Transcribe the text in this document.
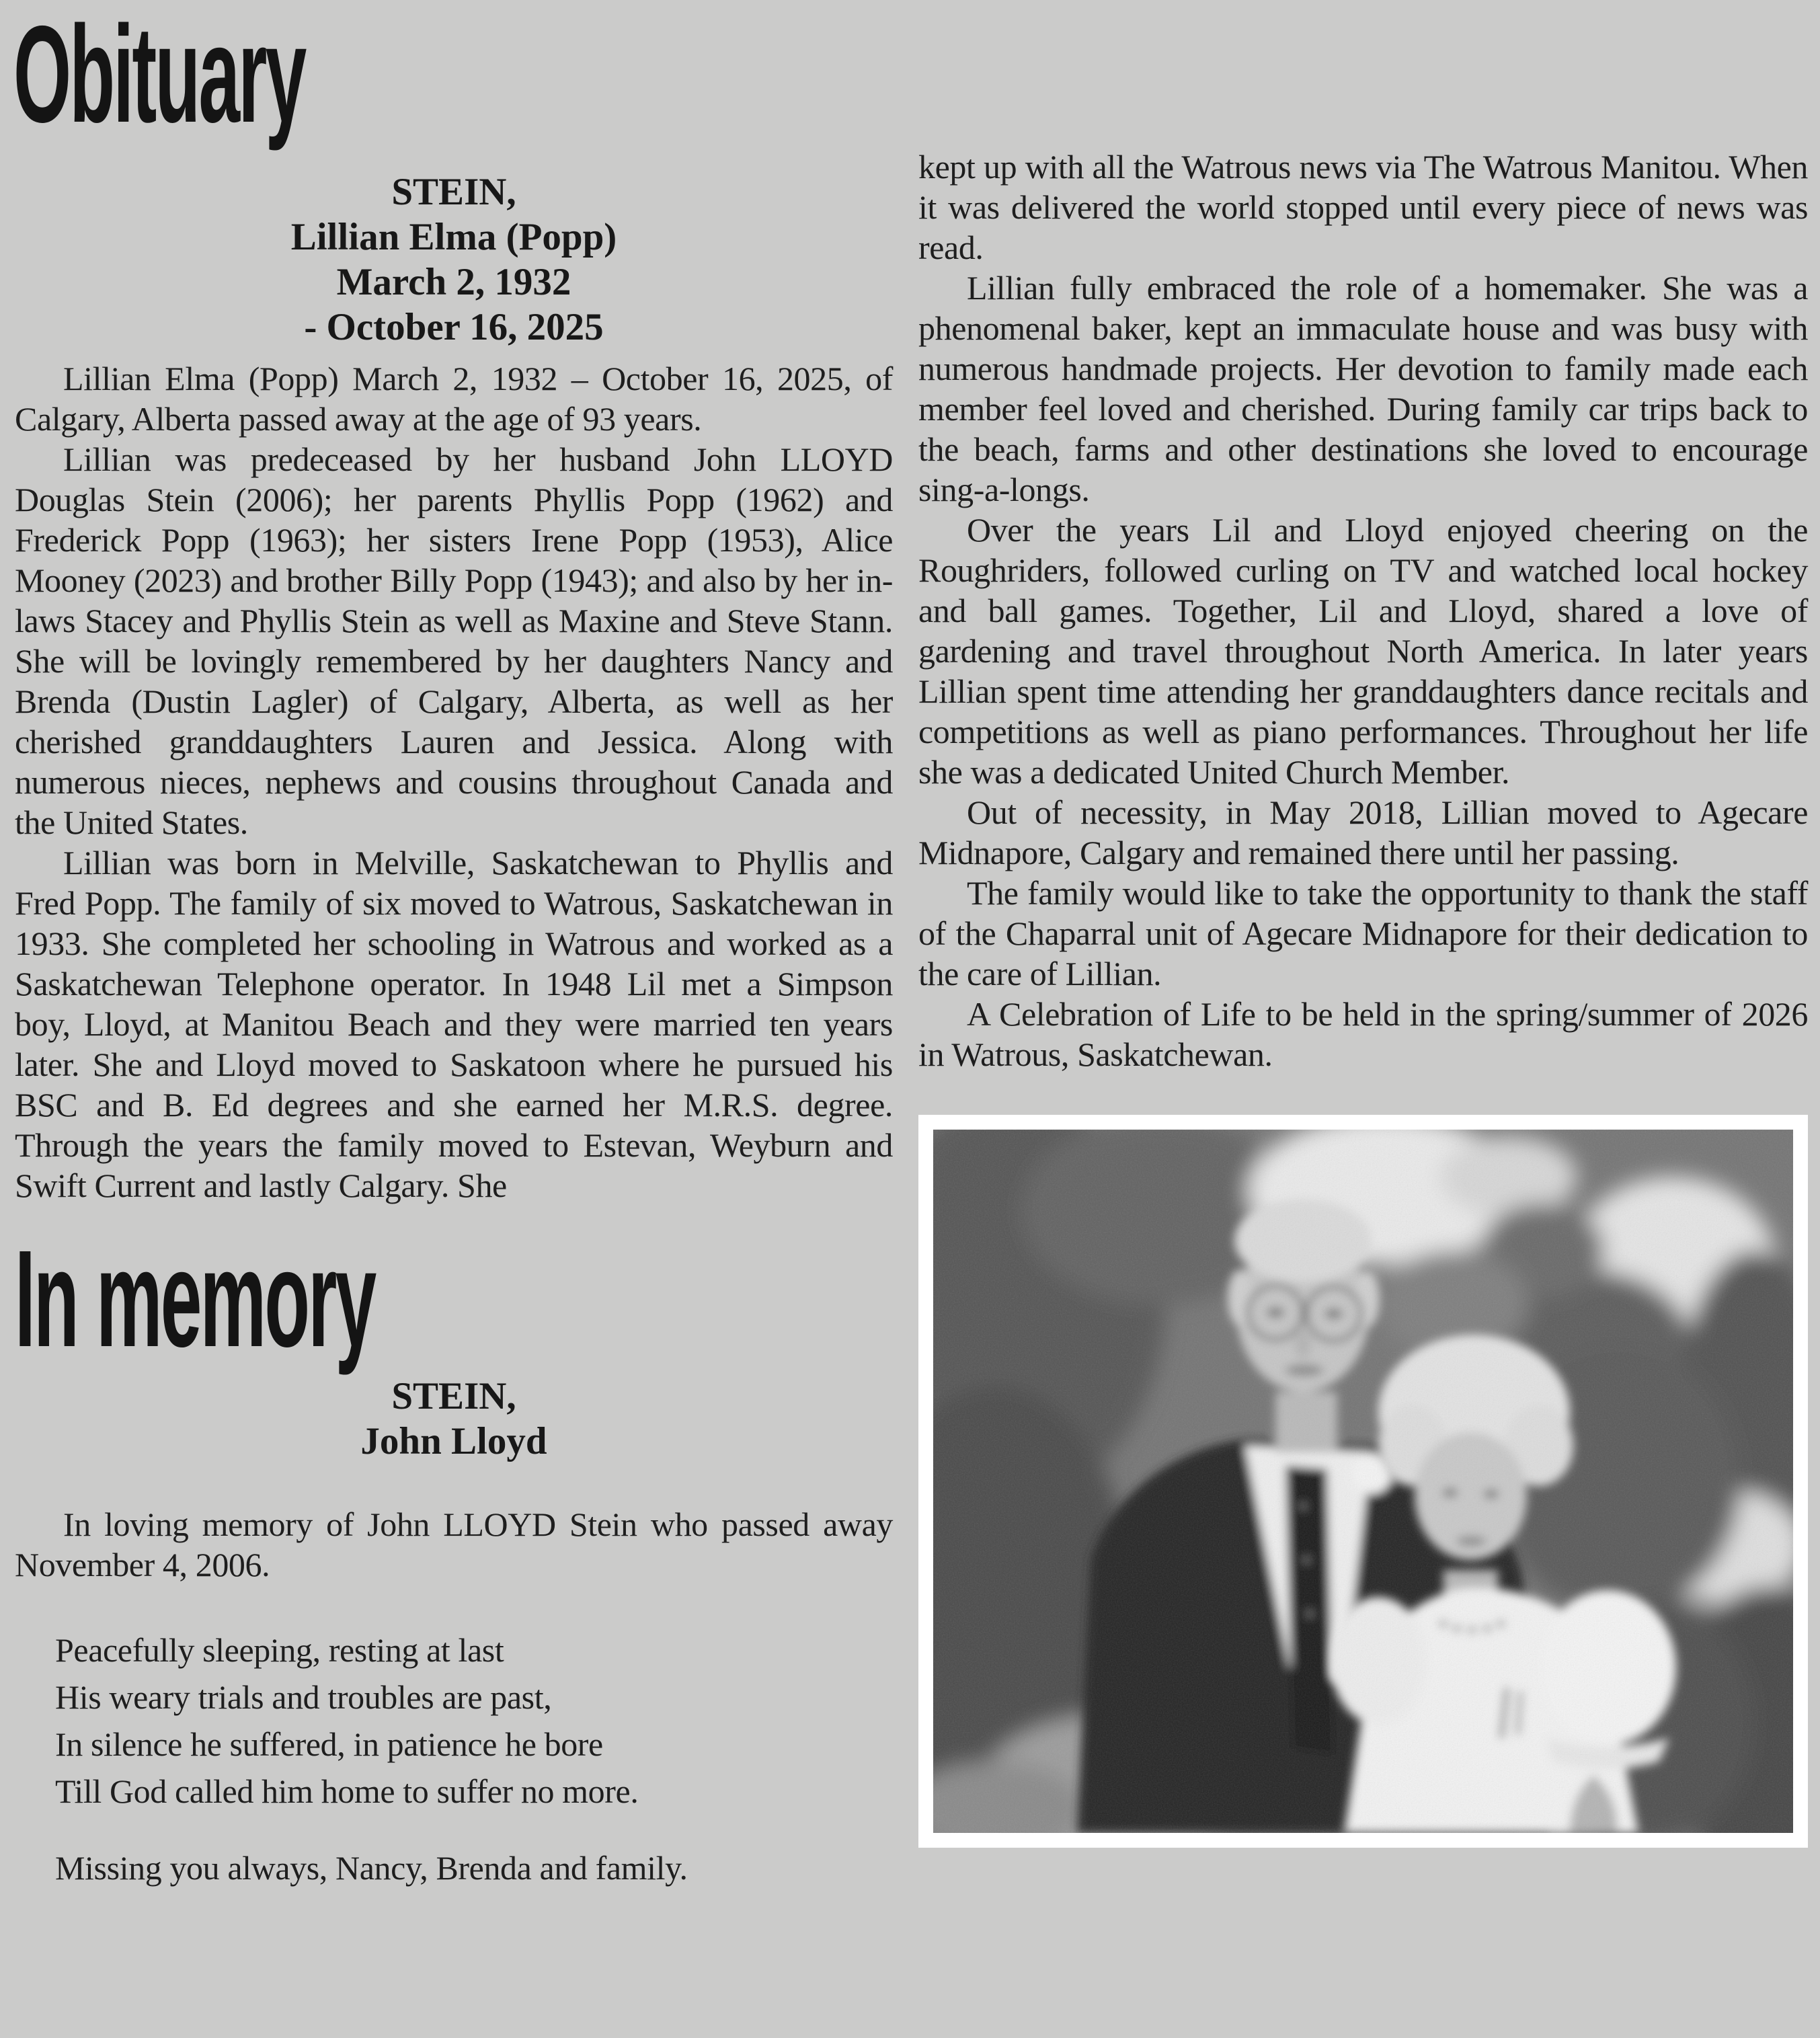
Obituary
STEIN,
Lillian Elma (Popp)
March 2, 1932
- October 16, 2025

Lillian Elma (Popp) March 2, 1932 – October 16, 2025, of Calgary, Alberta passed away at the age of 93 years.

Lillian was predeceased by her husband John LLOYD Douglas Stein (2006); her parents Phyllis Popp (1962) and Frederick Popp (1963); her sisters Irene Popp (1953), Alice Mooney (2023) and brother Billy Popp (1943); and also by her in-laws Stacey and Phyllis Stein as well as Maxine and Steve Stann. She will be lovingly remembered by her daughters Nancy and Brenda (Dustin Lagler) of Calgary, Alberta, as well as her cherished granddaughters Lauren and Jessica. Along with numerous nieces, nephews and cousins throughout Canada and the United States.

Lillian was born in Melville, Saskatchewan to Phyllis and Fred Popp. The family of six moved to Watrous, Saskatchewan in 1933. She completed her schooling in Watrous and worked as a Saskatchewan Telephone operator. In 1948 Lil met a Simpson boy, Lloyd, at Manitou Beach and they were married ten years later. She and Lloyd moved to Saskatoon where he pursued his BSC and B. Ed degrees and she earned her M.R.S. degree. Through the years the family moved to Estevan, Weyburn and Swift Current and lastly Calgary. She

In memory
STEIN,
John Lloyd

In loving memory of John LLOYD Stein who passed away November 4, 2006.

Peacefully sleeping, resting at last
His weary trials and troubles are past,
In silence he suffered, in patience he bore
Till God called him home to suffer no more.
Missing you always, Nancy, Brenda and family.

kept up with all the Watrous news via The Watrous Manitou. When it was delivered the world stopped until every piece of news was read.

Lillian fully embraced the role of a homemaker. She was a phenomenal baker, kept an immaculate house and was busy with numerous handmade projects. Her devotion to family made each member feel loved and cherished. During family car trips back to the beach, farms and other destinations she loved to encourage sing-a-longs.

Over the years Lil and Lloyd enjoyed cheering on the Roughriders, followed curling on TV and watched local hockey and ball games. Together, Lil and Lloyd, shared a love of gardening and travel throughout North America. In later years Lillian spent time attending her granddaughters dance recitals and competitions as well as piano performances. Throughout her life she was a dedicated United Church Member.

Out of necessity, in May 2018, Lillian moved to Agecare Midnapore, Calgary and remained there until her passing.

The family would like to take the opportunity to thank the staff of the Chaparral unit of Agecare Midnapore for their dedication to the care of Lillian.

A Celebration of Life to be held in the spring/summer of 2026 in Watrous, Saskatchewan.
